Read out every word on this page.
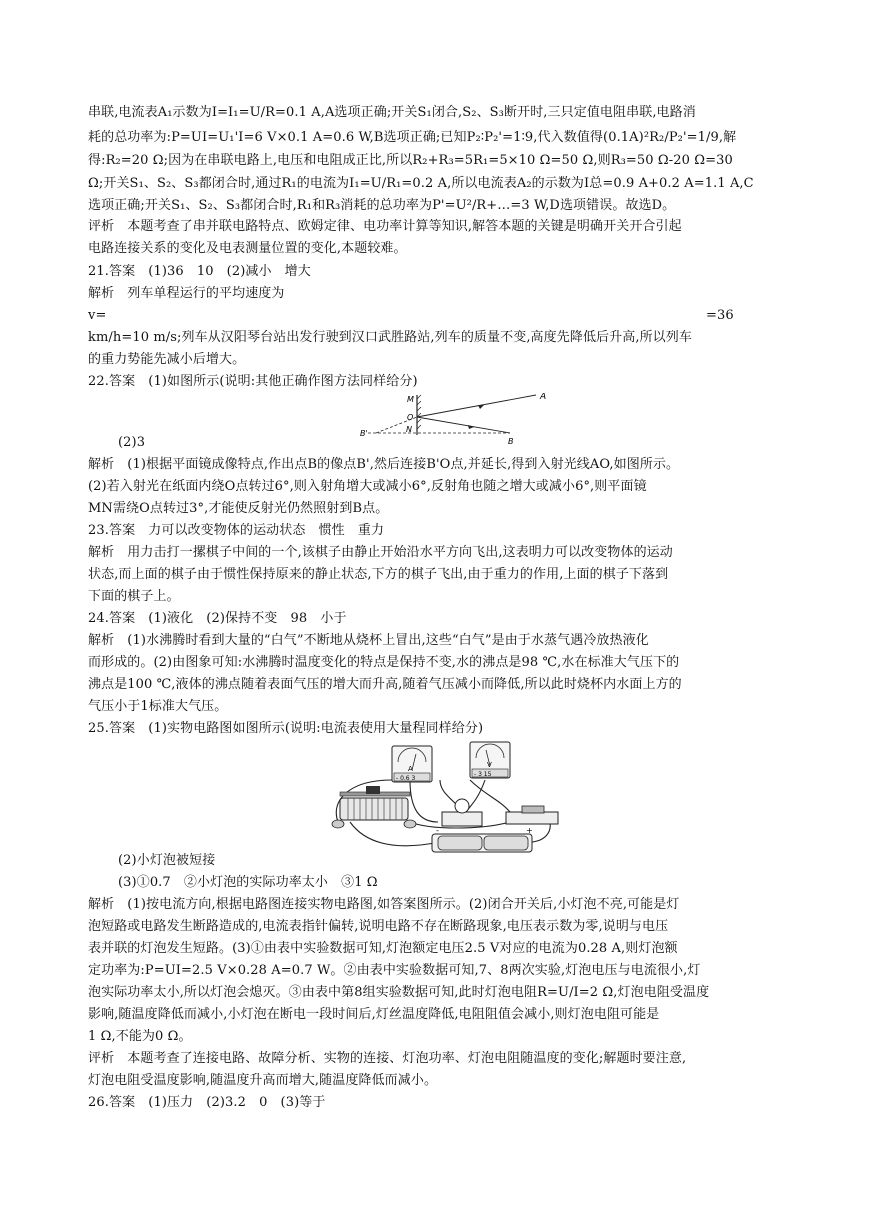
串联,电流表A₁示数为I=I₁=U/R=0.1 A,A选项正确;开关S₁闭合,S₂、S₃断开时,三只定值电阻串联,电路消
耗的总功率为:P=UI=U₁'I=6 V×0.1 A=0.6 W,B选项正确;已知P₂∶P₂'=1∶9,代入数值得(0.1A)²R₂/P₂'=1/9,解
得:R₂=20 Ω;因为在串联电路上,电压和电阻成正比,所以R₂+R₃=5R₁=5×10 Ω=50 Ω,则R₃=50 Ω-20 Ω=30
Ω;开关S₁、S₂、S₃都闭合时,通过R₁的电流为I₁=U/R₁=0.2 A,所以电流表A₂的示数为I总=0.9 A+0.2 A=1.1 A,C
选项正确;开关S₁、S₂、S₃都闭合时,R₁和R₃消耗的总功率为P'=U²/R+…=3 W,D选项错误。故选D。
评析　本题考查了串并联电路特点、欧姆定律、电功率计算等知识,解答本题的关键是明确开关开合引起
电路连接关系的变化及电表测量位置的变化,本题较难。
21.答案　(1)36　10　(2)减小　增大
解析　列车单程运行的平均速度为
v=	=36
km/h=10 m/s;列车从汉阳琴台站出发行驶到汉口武胜路站,列车的质量不变,高度先降低后升高,所以列车
的重力势能先减小后增大。
22.答案　(1)如图所示(说明:其他正确作图方法同样给分)
A
M
O
N
B'
B
(2)3
解析　(1)根据平面镜成像特点,作出点B的像点B',然后连接B'O点,并延长,得到入射光线AO,如图所示。
(2)若入射光在纸面内绕O点转过6°,则入射角增大或减小6°,反射角也随之增大或减小6°,则平面镜
MN需绕O点转过3°,才能使反射光仍然照射到B点。
23.答案　力可以改变物体的运动状态　惯性　重力
解析　用力击打一摞棋子中间的一个,该棋子由静止开始沿水平方向飞出,这表明力可以改变物体的运动
状态,而上面的棋子由于惯性保持原来的静止状态,下方的棋子飞出,由于重力的作用,上面的棋子下落到
下面的棋子上。
24.答案　(1)液化　(2)保持不变　98　小于
解析　(1)水沸腾时看到大量的“白气”不断地从烧杯上冒出,这些“白气”是由于水蒸气遇冷放热液化
而形成的。(2)由图象可知:水沸腾时温度变化的特点是保持不变,水的沸点是98 ℃,水在标准大气压下的
沸点是100 ℃,液体的沸点随着表面气压的增大而升高,随着气压减小而降低,所以此时烧杯内水面上方的
气压小于1标准大气压。
25.答案　(1)实物电路图如图所示(说明:电流表使用大量程同样给分)
A
- 0.6 3
V
- 3 15
-	+
(2)小灯泡被短接
(3)①0.7　②小灯泡的实际功率太小　③1 Ω
解析　(1)按电流方向,根据电路图连接实物电路图,如答案图所示。(2)闭合开关后,小灯泡不亮,可能是灯
泡短路或电路发生断路造成的,电流表指针偏转,说明电路不存在断路现象,电压表示数为零,说明与电压
表并联的灯泡发生短路。(3)①由表中实验数据可知,灯泡额定电压2.5 V对应的电流为0.28 A,则灯泡额
定功率为:P=UI=2.5 V×0.28 A=0.7 W。②由表中实验数据可知,7、8两次实验,灯泡电压与电流很小,灯
泡实际功率太小,所以灯泡会熄灭。③由表中第8组实验数据可知,此时灯泡电阻R=U/I=2 Ω,灯泡电阻受温度
影响,随温度降低而减小,小灯泡在断电一段时间后,灯丝温度降低,电阻阻值会减小,则灯泡电阻可能是
1 Ω,不能为0 Ω。
评析　本题考查了连接电路、故障分析、实物的连接、灯泡功率、灯泡电阻随温度的变化;解题时要注意,
灯泡电阻受温度影响,随温度升高而增大,随温度降低而减小。
26.答案　(1)压力　(2)3.2　0　(3)等于
